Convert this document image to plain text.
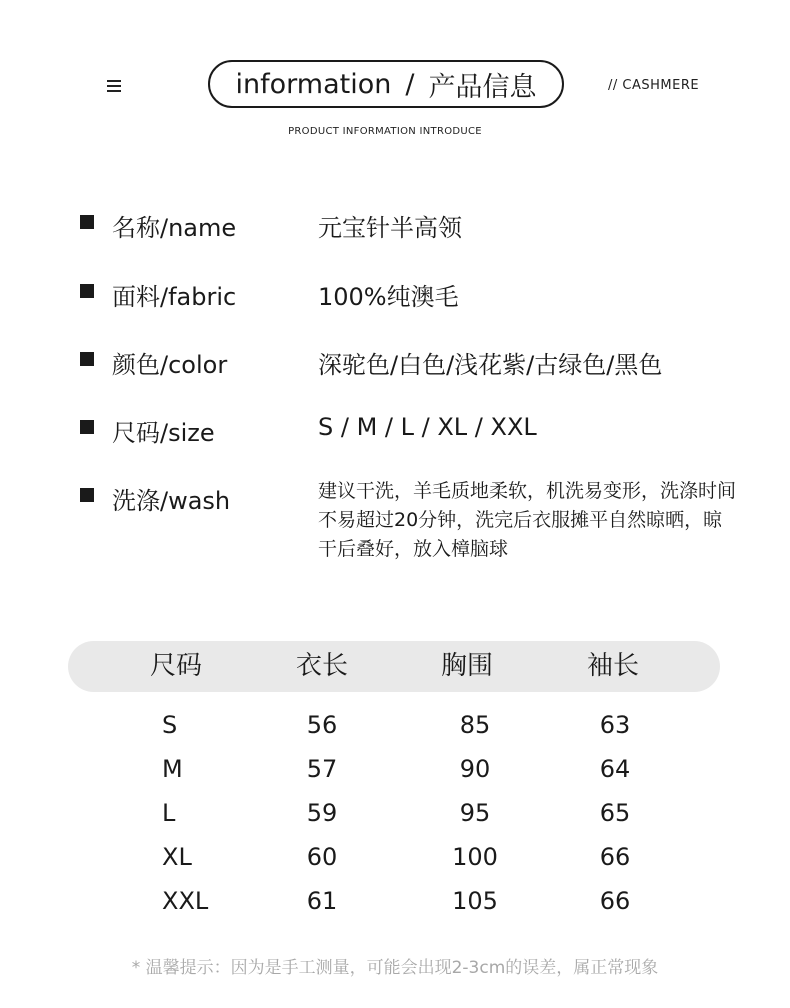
information / 产品信息	// CASHMERE
PRODUCT INFORMATION INTRODUCE
名称/name	元宝针半高领
面料/fabric	100%纯澳毛
颜色/color	深驼色/白色/浅花紫/古绿色/黑色
尺码/size	S / M / L / XL / XXL
洗涤/wash	建议干洗，羊毛质地柔软，机洗易变形，洗涤时间不易超过20分钟，洗完后衣服摊平自然晾晒，晾干后叠好，放入樟脑球
尺码	衣长	胸围	袖长
S	56	85	63
M	57	90	64
L	59	95	65
XL	60	100	66
XXL	61	105	66
* 温馨提示：因为是手工测量，可能会出现2-3cm的误差，属正常现象
